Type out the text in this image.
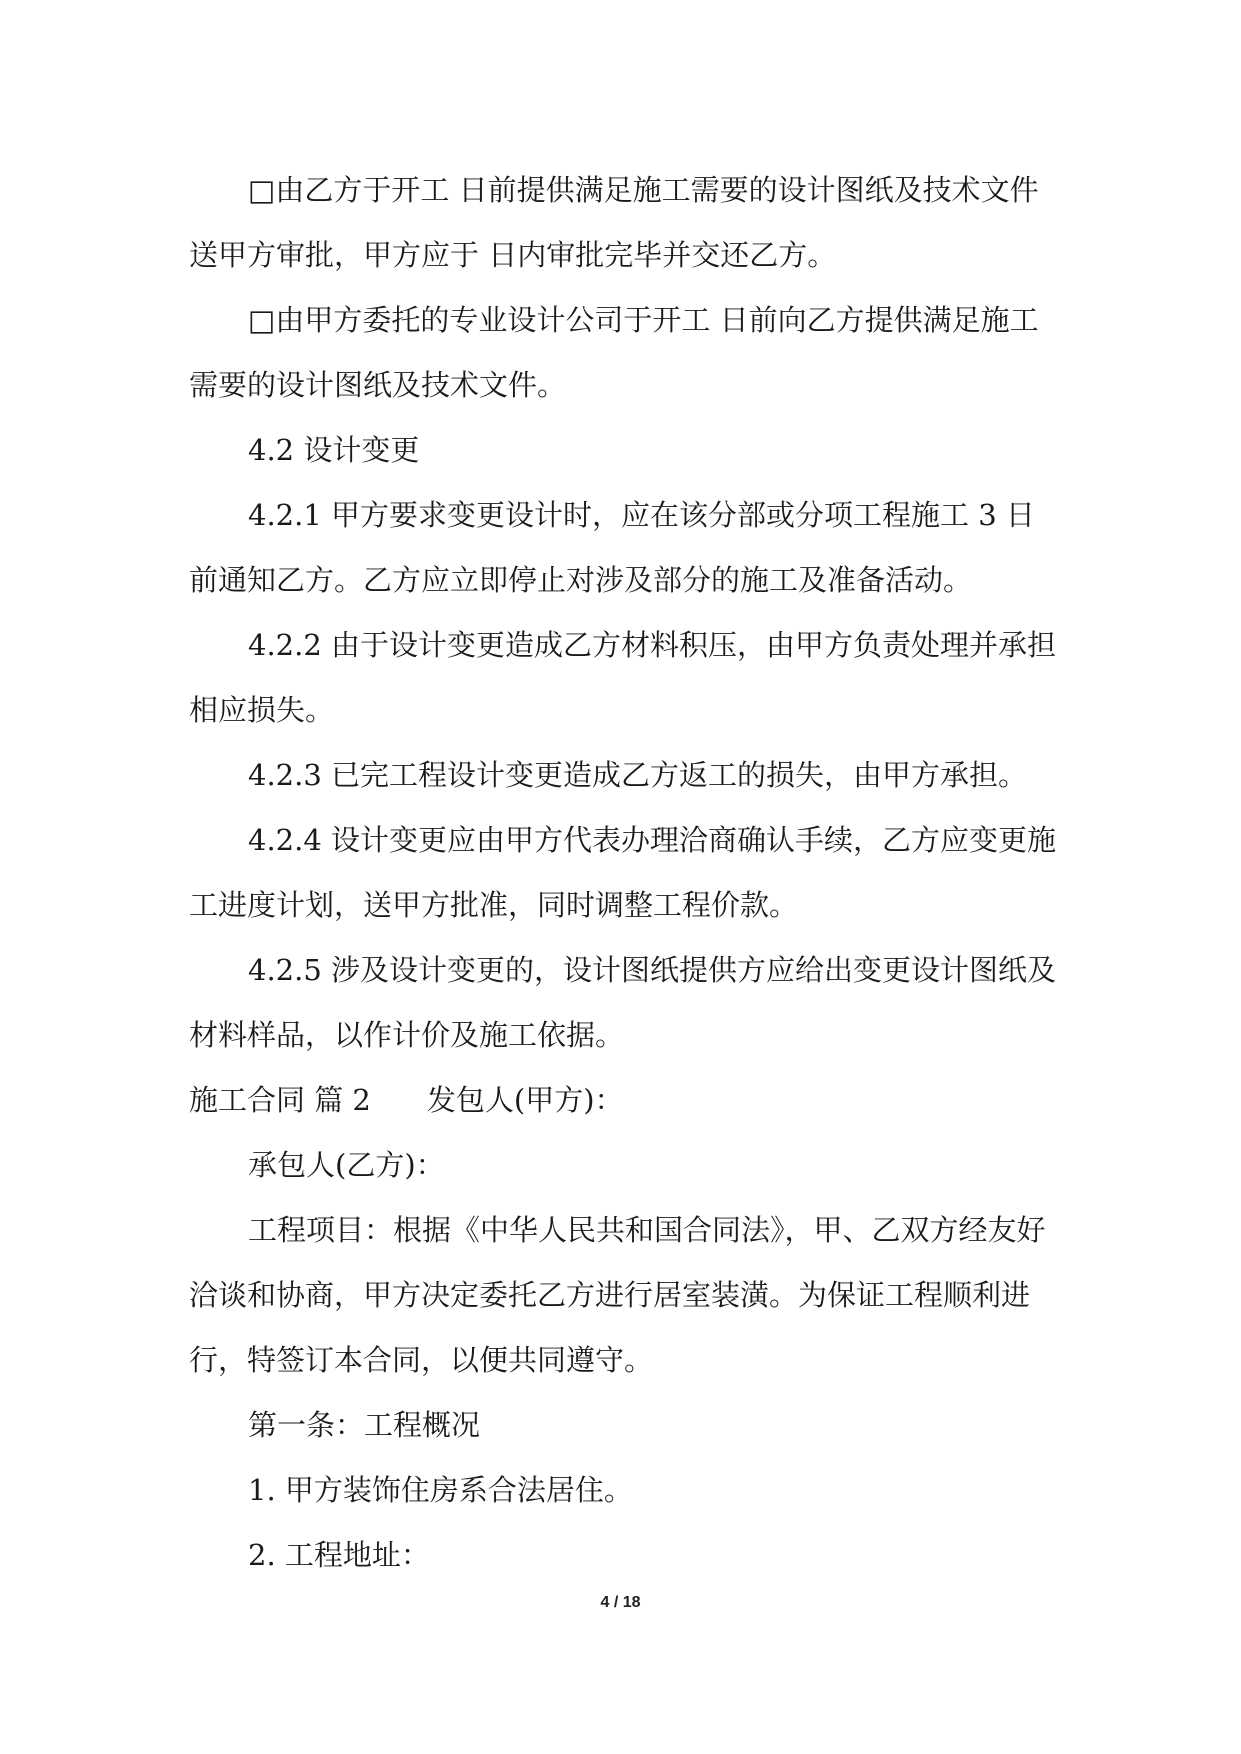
□由乙方于开工 日前提供满足施工需要的设计图纸及技术文件送甲方审批，甲方应于 日内审批完毕并交还乙方。

□由甲方委托的专业设计公司于开工 日前向乙方提供满足施工需要的设计图纸及技术文件。

4.2 设计变更

4.2.1 甲方要求变更设计时，应在该分部或分项工程施工 3 日前通知乙方。乙方应立即停止对涉及部分的施工及准备活动。

4.2.2 由于设计变更造成乙方材料积压，由甲方负责处理并承担相应损失。

4.2.3 已完工程设计变更造成乙方返工的损失，由甲方承担。

4.2.4 设计变更应由甲方代表办理洽商确认手续，乙方应变更施工进度计划，送甲方批准，同时调整工程价款。

4.2.5 涉及设计变更的，设计图纸提供方应给出变更设计图纸及材料样品，以作计价及施工依据。

施工合同 篇 2 发包人(甲方)：

承包人(乙方)：

工程项目：根据《中华人民共和国合同法》，甲、乙双方经友好洽谈和协商，甲方决定委托乙方进行居室装潢。为保证工程顺利进行，特签订本合同，以便共同遵守。

第一条：工程概况

1. 甲方装饰住房系合法居住。

2. 工程地址：

4 / 18
